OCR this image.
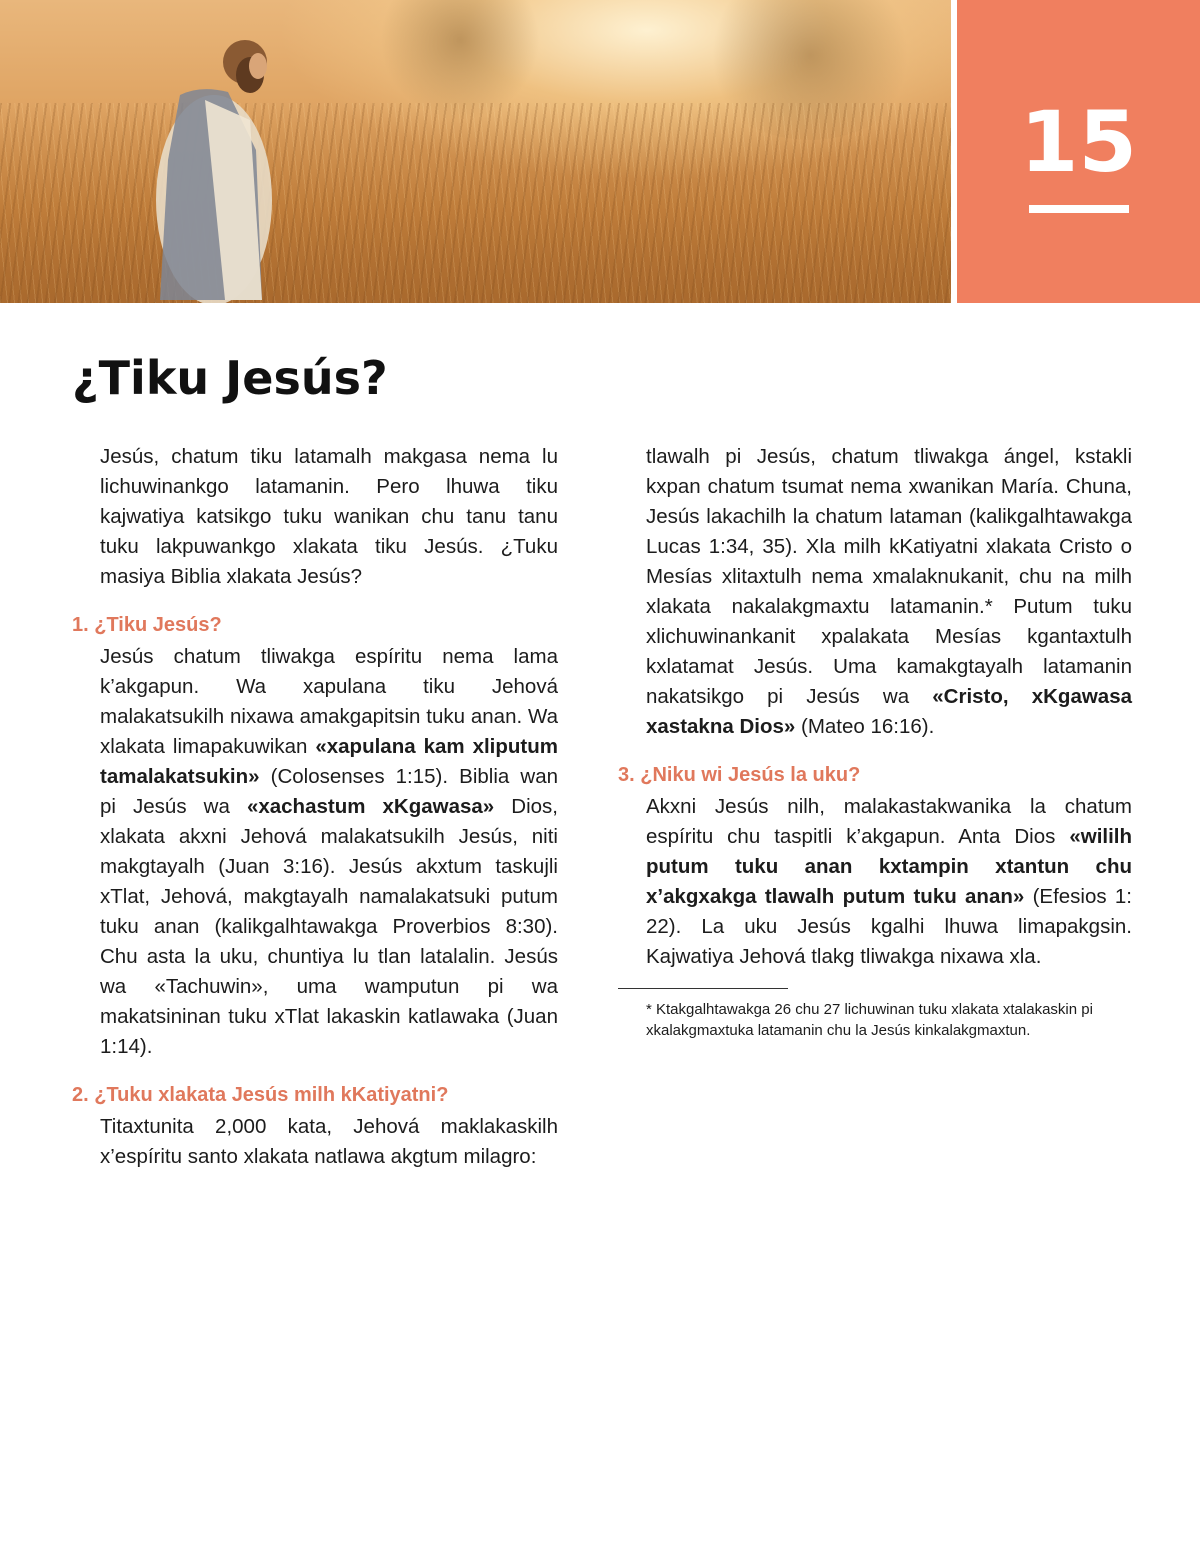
15
¿Tiku Jesús?

Jesús, chatum tiku latamalh makgasa nema lu lichuwinankgo latamanin. Pero lhuwa tiku kajwatiya katsikgo tuku wanikan chu tanu tanu tuku lakpuwankgo xlakata tiku Jesús. ¿Tuku masiya Biblia xlakata Jesús?

1. ¿Tiku Jesús?

Jesús chatum tliwakga espíritu nema lama k’akgapun. Wa xapulana tiku Jehová malakatsukilh nixawa amakgapitsin tuku anan. Wa xlakata limapakuwikan «xapulana kam xliputum tamalakatsukin» (Colosenses 1:15). Biblia wan pi Jesús wa «xachastum xKgawasa» Dios, xlakata akxni Jehová malakatsukilh Jesús, niti makgtayalh (Juan 3:16). Jesús akxtum taskujli xTlat, Jehová, makgtayalh namalakatsuki putum tuku anan (kalikgalhtawakga Proverbios 8:30). Chu asta la uku, chuntiya lu tlan latalalin. Jesús wa «Tachuwin», uma wamputun pi wa makatsininan tuku xTlat lakaskin katlawaka (Juan 1:14).

2. ¿Tuku xlakata Jesús milh kKatiyatni?

Titaxtunita 2,000 kata, Jehová maklakaskilh x’espíritu santo xlakata natlawa akgtum milagro:

tlawalh pi Jesús, chatum tliwakga ángel, kstakli kxpan chatum tsumat nema xwanikan María. Chuna, Jesús lakachilh la chatum lataman (kalikgalhtawakga Lucas 1:34, 35). Xla milh kKatiyatni xlakata Cristo o Mesías xlitaxtulh nema xmalaknukanit, chu na milh xlakata nakalakgmaxtu latamanin.* Putum tuku xlichuwinankanit xpalakata Mesías kgantaxtulh kxlatamat Jesús. Uma kamakgtayalh latamanin nakatsikgo pi Jesús wa «Cristo, xKgawasa xastakna Dios» (Mateo 16:16).

3. ¿Niku wi Jesús la uku?

Akxni Jesús nilh, malakastakwanika la chatum espíritu chu taspitli k’akgapun. Anta Dios «wililh putum tuku anan kxtampin xtantun chu x’akgxakga tlawalh putum tuku anan» (Efesios 1: 22). La uku Jesús kgalhi lhuwa limapakgsin. Kajwatiya Jehová tlakg tliwakga nixawa xla.

* Ktakgalhtawakga 26 chu 27 lichuwinan tuku xlakata xtalakaskin pi xkalakgmaxtuka latamanin chu la Jesús kinkalakgmaxtun.
